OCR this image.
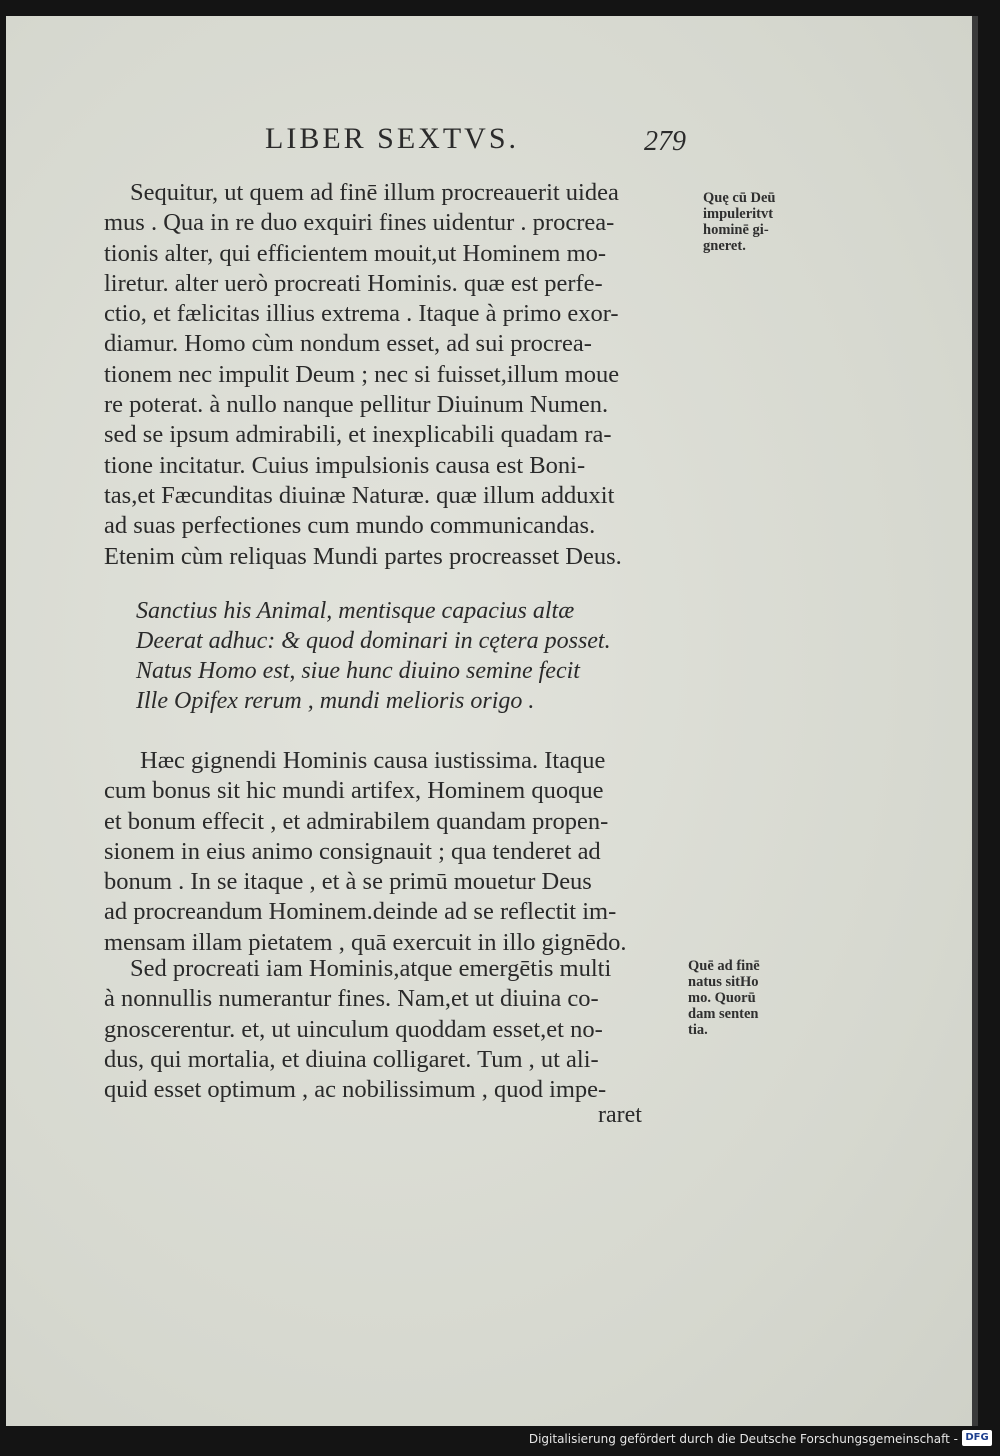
LIBER SEXTVS.	279
Sequitur, ut quem ad finē illum procreauerit uidea
mus . Qua in re duo exquiri fines uidentur . procrea-
tionis alter, qui efficientem mouit,ut Hominem mo-
liretur. alter uerò procreati Hominis. quæ est perfe-
ctio, et fælicitas illius extrema . Itaque à primo exor-
diamur. Homo cùm nondum esset, ad sui procrea-
tionem nec impulit Deum ; nec si fuisset,illum moue
re poterat. à nullo nanque pellitur Diuinum Numen.
sed se ipsum admirabili, et inexplicabili quadam ra-
tione incitatur. Cuius impulsionis causa est Boni-
tas,et Fæcunditas diuinæ Naturæ. quæ illum adduxit
ad suas perfectiones cum mundo communicandas.
Etenim cùm reliquas Mundi partes procreasset Deus.
Sanctius his Animal, mentisque capacius altæ
Deerat adhuc: & quod dominari in cętera posset.
Natus Homo est, siue hunc diuino semine fecit
Ille Opifex rerum , mundi melioris origo .
Hæc gignendi Hominis causa iustissima. Itaque
cum bonus sit hic mundi artifex, Hominem quoque
et bonum effecit , et admirabilem quandam propen-
sionem in eius animo consignauit ; qua tenderet ad
bonum . In se itaque , et à se primū mouetur Deus
ad procreandum Hominem.deinde ad se reflectit im-
mensam illam pietatem , quā exercuit in illo gignēdo.
Sed procreati iam Hominis,atque emergētis multi
à nonnullis numerantur fines. Nam,et ut diuina co-
gnoscerentur. et, ut uinculum quoddam esset,et no-
dus, qui mortalia, et diuina colligaret. Tum , ut ali-
quid esset optimum , ac nobilissimum , quod impe-
raret
Quę cū Deū
impuleritvt
hominē gi-
gneret.
Quē ad finē
natus sitHo
mo. Quorū
dam senten
tia.
Digitalisierung gefördert durch die Deutsche Forschungsgemeinschaft - DFG
